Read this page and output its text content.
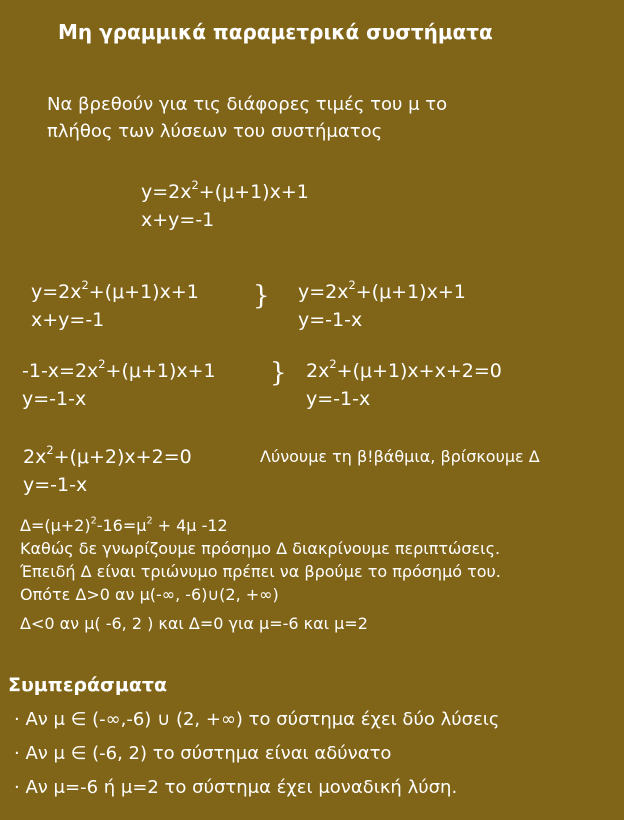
Μη γραμμικά παραμετρικά συστήματα
Να βρεθούν για τις διάφορες τιμές του μ το
πλήθος των λύσεων του συστήματος
$y=2x^2+(\mu+1)x+1$
x+y=-1
$y=2x^2+(\mu+1)x+1$
x+y=-1
} $y=2x^2+(\mu+1)x+1$
y=-1-x
$-1-x=2x^2+(\mu+1)x+1$
y=-1-x
} $2x^2+(\mu+1)x+x+2=0$
y=-1-x
$2x^2+(\mu+2)x+2=0$
y=-1-x
Λύνουμε τη β!βάθμια, βρίσκουμε Δ
$\Delta=(\mu+2)^2-16=\mu^2 + 4\mu$ -12
Καθώς δε γνωρίζουμε πρόσημο Δ διακρίνουμε περιπτώσεις.
Έπειδή Δ είναι τριώνυμο πρέπει να βρούμε το πρόσημό του.
Οπότε Δ>0 αν μ(-∞, -6)∪(2, +∞)
Δ<0 αν μ( -6, 2 ) και Δ=0 για μ=-6 και μ=2
Συμπεράσματα
· Αν μ ∈ (-∞,-6) ∪ (2, +∞) το σύστημα έχει δύο λύσεις
· Αν μ ∈ (-6, 2) το σύστημα είναι αδύνατο
· Αν μ=-6 ή μ=2 το σύστημα έχει μοναδική λύση.
